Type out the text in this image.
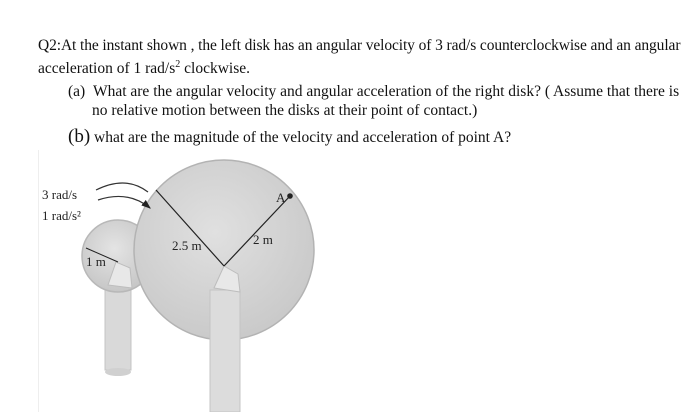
Q2:At the instant shown , the left disk has an angular velocity of 3 rad/s counterclockwise and an angular
acceleration of 1 rad/$s^2$ clockwise.
(a) What are the angular velocity and angular acceleration of the right disk? ( Assume that there is no relative motion between the disks at their point of contact.)
(b) what are the magnitude of the velocity and acceleration of point A?
3 rad/s
1 rad/s²
1 m
2.5 m	2 m
A
